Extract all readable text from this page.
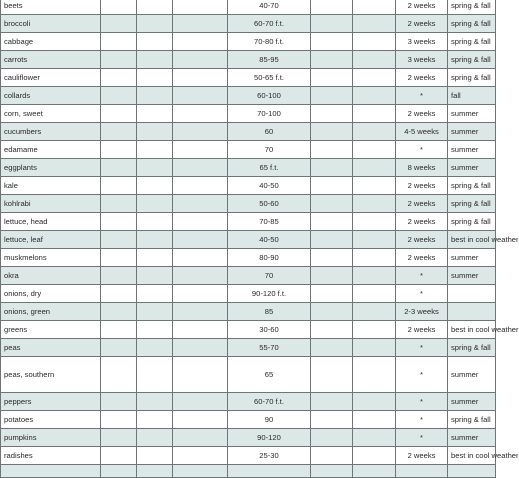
beets				40-70			2 weeks	spring & fall
broccoli				60-70 f.t.			2 weeks	spring & fall
cabbage				70-80 f.t.			3 weeks	spring & fall
carrots				85-95			3 weeks	spring & fall
cauliflower				50-65 f.t.			2 weeks	spring & fall
collards				60-100			*	fall
corn, sweet				70-100			2 weeks	summer
cucumbers				60			4-5 weeks	summer
edamame				70			*	summer
eggplants				65 f.t.			8 weeks	summer
kale				40-50			2 weeks	spring & fall
kohlrabi				50-60			2 weeks	spring & fall
lettuce, head				70-85			2 weeks	spring & fall
lettuce, leaf				40-50			2 weeks	best in cool weather
muskmelons				80-90			2 weeks	summer
okra				70			*	summer
onions, dry				90-120 f.t.			*	
onions, green				85			2-3 weeks	
greens				30-60			2 weeks	best in cool weather
peas				55-70			*	spring & fall
peas, southern				65			*	summer
peppers				60-70 f.t.			*	summer
potatoes				90			*	spring & fall
pumpkins				90-120			*	summer
radishes				25-30			2 weeks	best in cool weather
